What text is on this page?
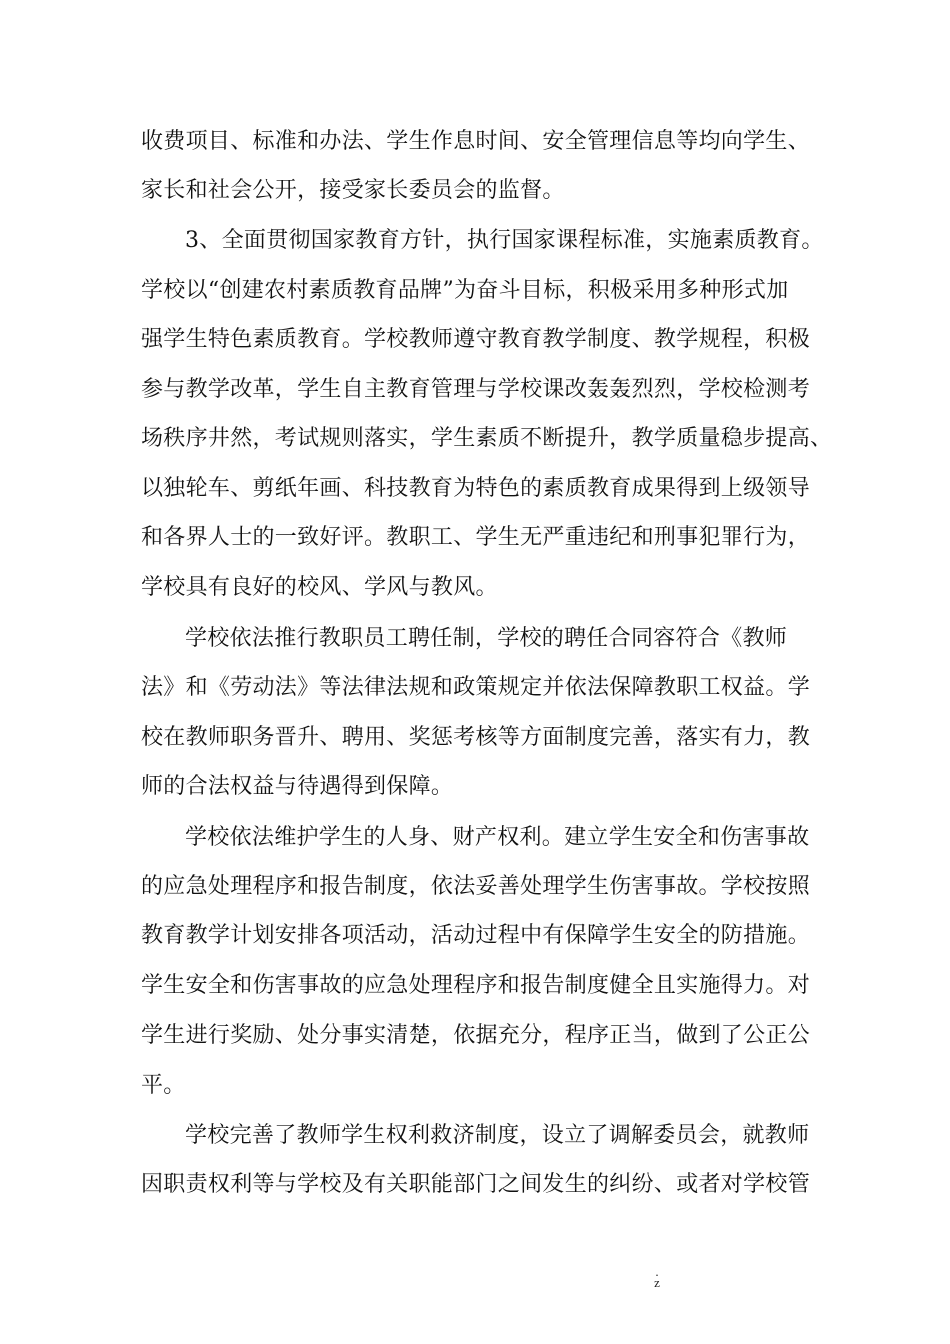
收费项目、标准和办法、学生作息时间、安全管理信息等均向学生、
家长和社会公开，接受家长委员会的监督。
3、全面贯彻国家教育方针，执行国家课程标准，实施素质教育。
学校以“创建农村素质教育品牌”为奋斗目标，积极采用多种形式加
强学生特色素质教育。学校教师遵守教育教学制度、教学规程，积极
参与教学改革，学生自主教育管理与学校课改轰轰烈烈，学校检测考
场秩序井然，考试规则落实，学生素质不断提升，教学质量稳步提高、
以独轮车、剪纸年画、科技教育为特色的素质教育成果得到上级领导
和各界人士的一致好评。教职工、学生无严重违纪和刑事犯罪行为，
学校具有良好的校风、学风与教风。
学校依法推行教职员工聘任制，学校的聘任合同容符合《教师
法》和《劳动法》等法律法规和政策规定并依法保障教职工权益。学
校在教师职务晋升、聘用、奖惩考核等方面制度完善，落实有力，教
师的合法权益与待遇得到保障。
学校依法维护学生的人身、财产权利。建立学生安全和伤害事故
的应急处理程序和报告制度，依法妥善处理学生伤害事故。学校按照
教育教学计划安排各项活动，活动过程中有保障学生安全的防措施。
学生安全和伤害事故的应急处理程序和报告制度健全且实施得力。对
学生进行奖励、处分事实清楚，依据充分，程序正当，做到了公正公
平。
学校完善了教师学生权利救济制度，设立了调解委员会，就教师
因职责权利等与学校及有关职能部门之间发生的纠纷、或者对学校管
.
z
